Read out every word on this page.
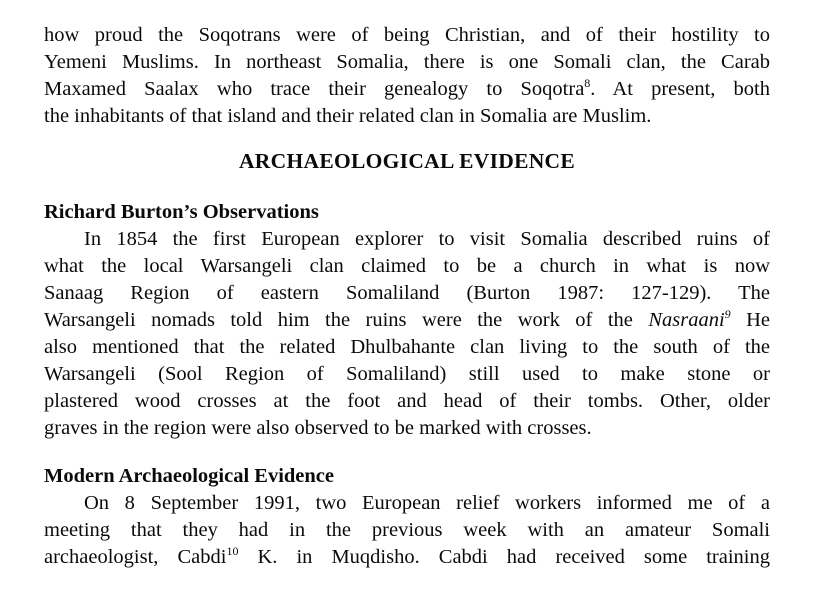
how proud the Soqotrans were of being Christian, and of their hostility to
Yemeni Muslims. In northeast Somalia, there is one Somali clan, the Carab
Maxamed Saalax who trace their genealogy to Soqotra$^8$. At present, both
the inhabitants of that island and their related clan in Somalia are Muslim.

ARCHAEOLOGICAL EVIDENCE
Richard Burton’s Observations

In 1854 the first European explorer to visit Somalia described ruins of
what the local Warsangeli clan claimed to be a church in what is now
Sanaag Region of eastern Somaliland (Burton 1987: 127-129). The
Warsangeli nomads told him the ruins were the work of the Nasraani$^9$ He
also mentioned that the related Dhulbahante clan living to the south of the
Warsangeli (Sool Region of Somaliland) still used to make stone or
plastered wood crosses at the foot and head of their tombs. Other, older
graves in the region were also observed to be marked with crosses.

Modern Archaeological Evidence

On 8 September 1991, two European relief workers informed me of a
meeting that they had in the previous week with an amateur Somali
archaeologist, Cabdi$^{10}$ K. in Muqdisho. Cabdi had received some training
